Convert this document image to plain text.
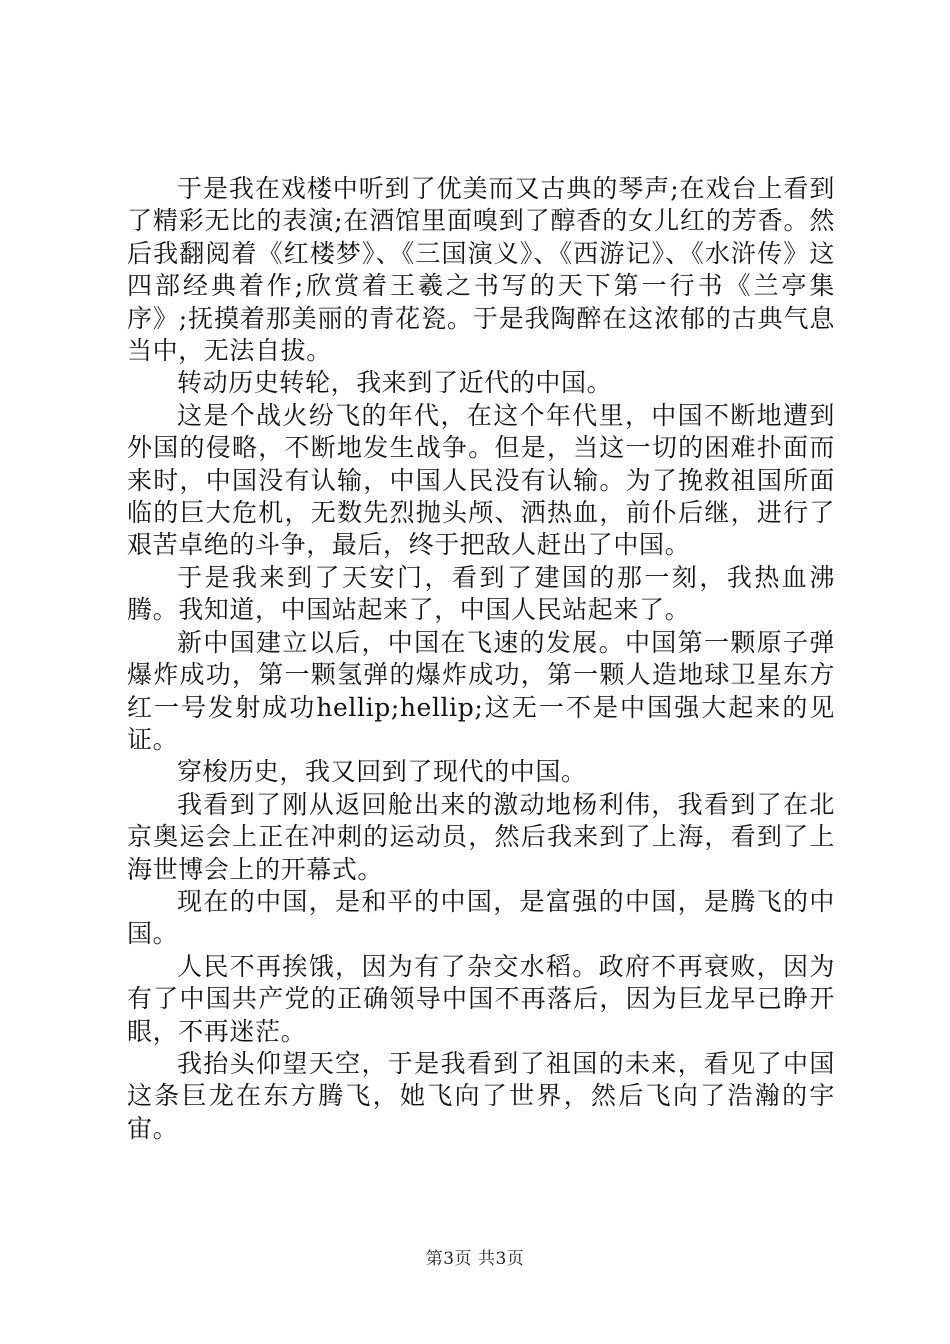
于是我在戏楼中听到了优美而又古典的琴声;在戏台上看到了精彩无比的表演;在酒馆里面嗅到了醇香的女儿红的芳香。然后我翻阅着《红楼梦》、《三国演义》、《西游记》、《水浒传》这四部经典着作;欣赏着王羲之书写的天下第一行书《兰亭集序》;抚摸着那美丽的青花瓷。于是我陶醉在这浓郁的古典气息当中，无法自拔。

转动历史转轮，我来到了近代的中国。

这是个战火纷飞的年代，在这个年代里，中国不断地遭到外国的侵略，不断地发生战争。但是，当这一切的困难扑面而来时，中国没有认输，中国人民没有认输。为了挽救祖国所面临的巨大危机，无数先烈抛头颅、洒热血，前仆后继，进行了艰苦卓绝的斗争，最后，终于把敌人赶出了中国。

于是我来到了天安门，看到了建国的那一刻，我热血沸腾。我知道，中国站起来了，中国人民站起来了。

新中国建立以后，中国在飞速的发展。中国第一颗原子弹爆炸成功，第一颗氢弹的爆炸成功，第一颗人造地球卫星东方红一号发射成功hellip;hellip;这无一不是中国强大起来的见证。

穿梭历史，我又回到了现代的中国。

我看到了刚从返回舱出来的激动地杨利伟，我看到了在北京奥运会上正在冲刺的运动员，然后我来到了上海，看到了上海世博会上的开幕式。

现在的中国，是和平的中国，是富强的中国，是腾飞的中国。

人民不再挨饿，因为有了杂交水稻。政府不再衰败，因为有了中国共产党的正确领导中国不再落后，因为巨龙早已睁开眼，不再迷茫。

我抬头仰望天空，于是我看到了祖国的未来，看见了中国这条巨龙在东方腾飞，她飞向了世界，然后飞向了浩瀚的宇宙。

第3页 共3页
